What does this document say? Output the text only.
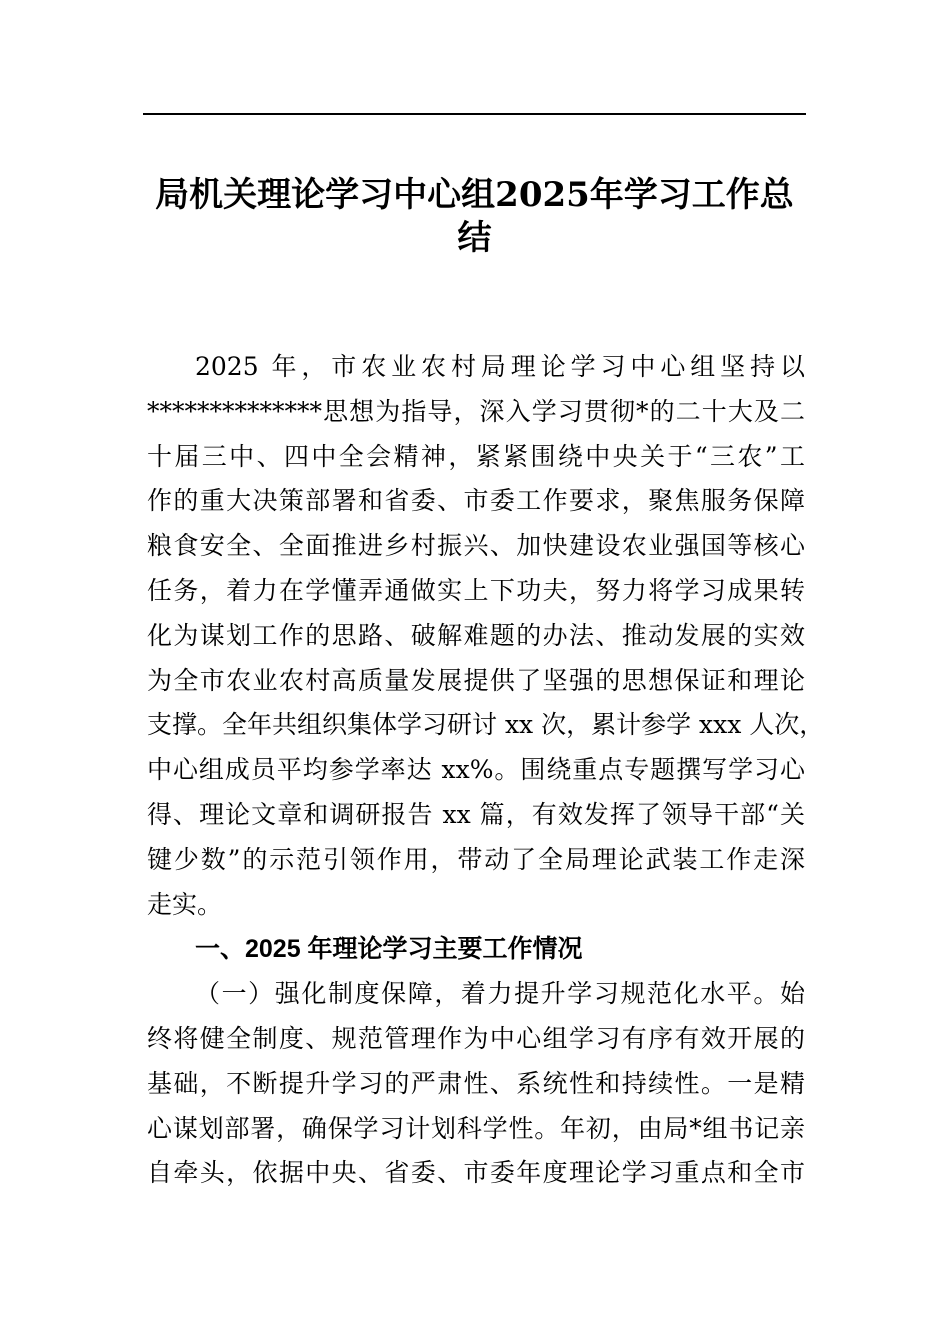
局机关理论学习中心组2025年学习工作总
结
2025 年，市农业农村局理论学习中心组坚持以
**************思想为指导，深入学习贯彻*的二十大及二
十届三中、四中全会精神，紧紧围绕中央关于“三农”工
作的重大决策部署和省委、市委工作要求，聚焦服务保障
粮食安全、全面推进乡村振兴、加快建设农业强国等核心
任务，着力在学懂弄通做实上下功夫，努力将学习成果转
化为谋划工作的思路、破解难题的办法、推动发展的实效
为全市农业农村高质量发展提供了坚强的思想保证和理论
支撑。全年共组织集体学习研讨 xx 次，累计参学 xxx 人次，
中心组成员平均参学率达 xx%。围绕重点专题撰写学习心
得、理论文章和调研报告 xx 篇，有效发挥了领导干部“关
键少数”的示范引领作用，带动了全局理论武装工作走深
走实。
一、2025 年理论学习主要工作情况
（一）强化制度保障，着力提升学习规范化水平。始
终将健全制度、规范管理作为中心组学习有序有效开展的
基础，不断提升学习的严肃性、系统性和持续性。一是精
心谋划部署，确保学习计划科学性。年初，由局*组书记亲
自牵头，依据中央、省委、市委年度理论学习重点和全市
